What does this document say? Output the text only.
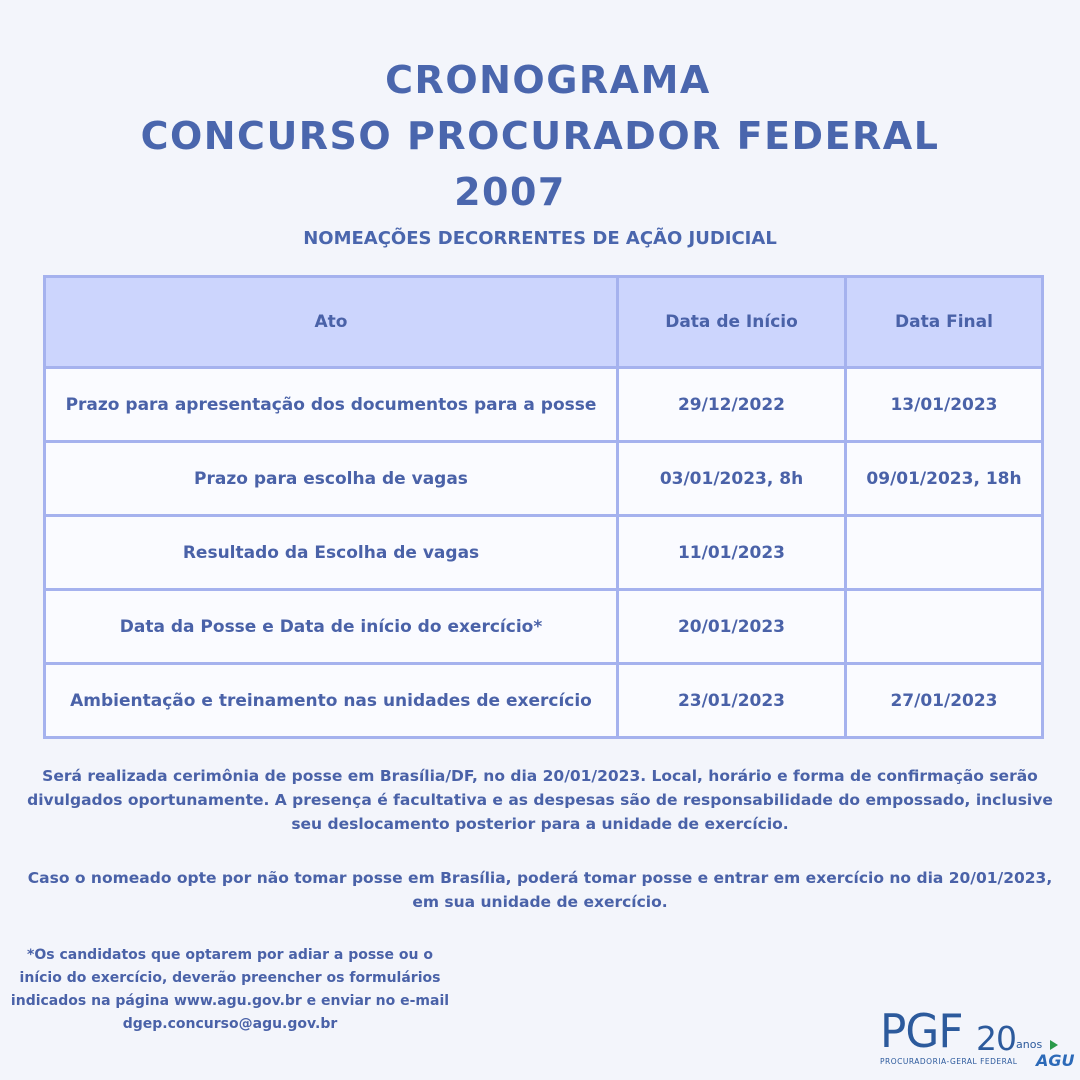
CRONOGRAMA
CONCURSO PROCURADOR FEDERAL
2007
NOMEAÇÕES DECORRENTES DE AÇÃO JUDICIAL
Ato	Data de Início	Data Final
Prazo para apresentação dos documentos para a posse	29/12/2022	13/01/2023
Prazo para escolha de vagas	03/01/2023, 8h	09/01/2023, 18h
Resultado da Escolha de vagas	11/01/2023	
Data da Posse e Data de início do exercício*	20/01/2023	
Ambientação e treinamento nas unidades de exercício	23/01/2023	27/01/2023
Será realizada cerimônia de posse em Brasília/DF, no dia 20/01/2023. Local, horário e forma de confirmação serão divulgados oportunamente. A presença é facultativa e as despesas são de responsabilidade do empossado, inclusive seu deslocamento posterior para a unidade de exercício.
Caso o nomeado opte por não tomar posse em Brasília, poderá tomar posse e entrar em exercício no dia 20/01/2023, em sua unidade de exercício.
*Os candidatos que optarem por adiar a posse ou o início do exercício, deverão preencher os formulários indicados na página www.agu.gov.br e enviar no e-mail dgep.concurso@agu.gov.br	PGF 20 anos
PROCURADORIA-GERAL FEDERAL AGU
